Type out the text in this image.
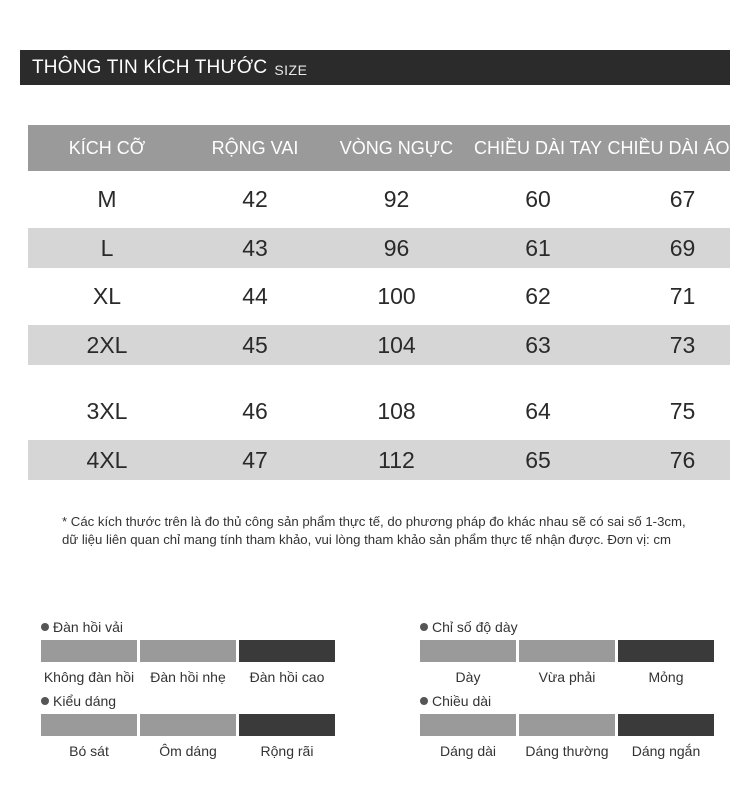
THÔNG TIN KÍCH THƯỚC SIZE
KÍCH CỠ	RỘNG VAI	VÒNG NGỰC	CHIỀU DÀI TAY	CHIỀU DÀI ÁO
M	42	92	60	67
L	43	96	61	69
XL	44	100	62	71
2XL	45	104	63	73

3XL	46	108	64	75
4XL	47	112	65	76
* Các kích thước trên là đo thủ công sản phẩm thực tế, do phương pháp đo khác nhau sẽ có sai số 1-3cm,
dữ liệu liên quan chỉ mang tính tham khảo, vui lòng tham khảo sản phẩm thực tế nhận được. Đơn vị: cm
Đàn hồi vải
Không đàn hồi	Đàn hồi nhẹ	Đàn hồi cao
Kiểu dáng
Bó sát	Ôm dáng	Rộng rãi
Chỉ số độ dày
Dày	Vừa phải	Mỏng
Chiều dài
Dáng dài	Dáng thường	Dáng ngắn
